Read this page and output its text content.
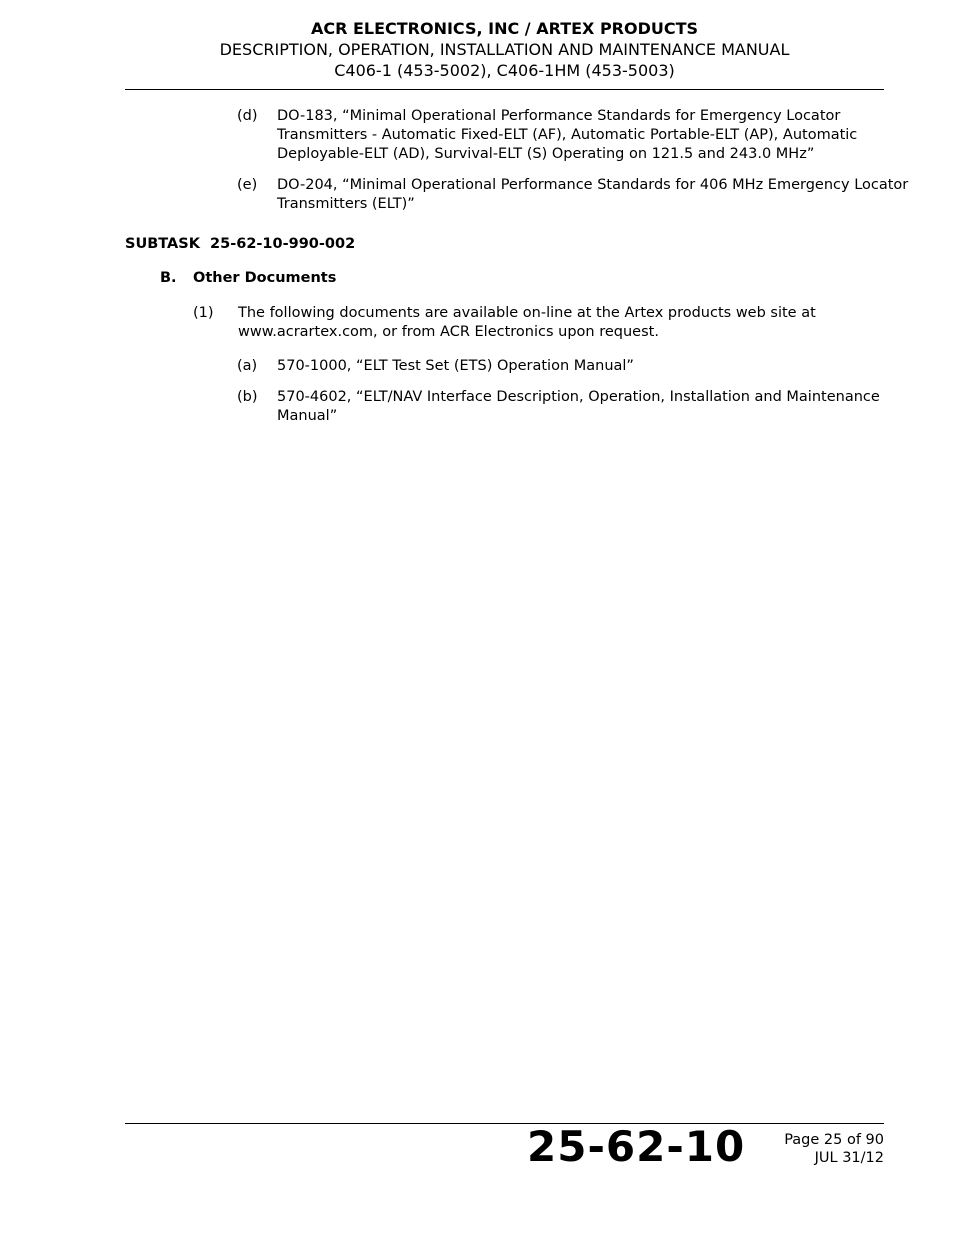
ACR ELECTRONICS, INC / ARTEX PRODUCTS
DESCRIPTION, OPERATION, INSTALLATION AND MAINTENANCE MANUAL
C406-1 (453-5002), C406-1HM (453-5003)
(d) DO-183, “Minimal Operational Performance Standards for Emergency Locator
Transmitters - Automatic Fixed-ELT (AF), Automatic Portable-ELT (AP), Automatic
Deployable-ELT (AD), Survival-ELT (S) Operating on 121.5 and 243.0 MHz”
(e) DO-204, “Minimal Operational Performance Standards for 406 MHz Emergency Locator
Transmitters (ELT)”
SUBTASK  25-62-10-990-002
B. Other Documents
(1) The following documents are available on-line at the Artex products web site at
www.acrartex.com, or from ACR Electronics upon request.
(a) 570-1000, “ELT Test Set (ETS) Operation Manual”
(b) 570-4602, “ELT/NAV Interface Description, Operation, Installation and Maintenance
Manual”
25-62-10	Page 25 of 90
JUL 31/12
